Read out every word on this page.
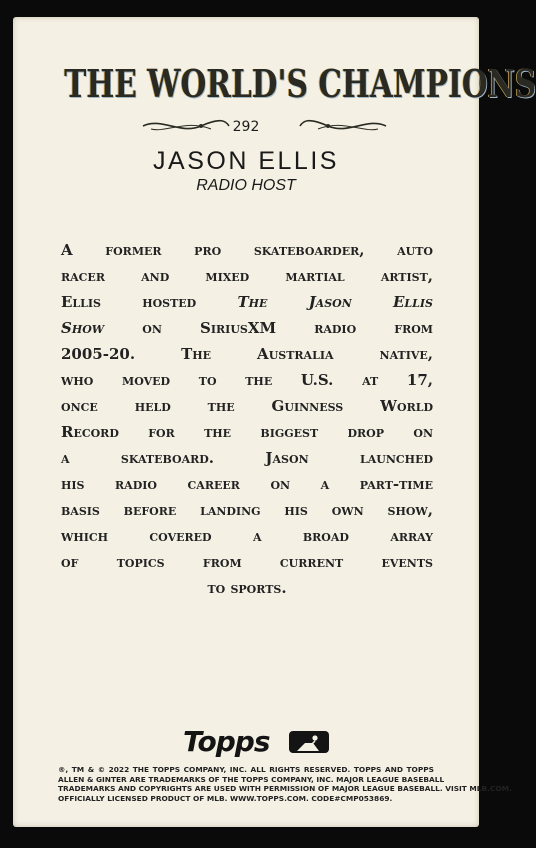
THE WORLD'S CHAMPIONS
292
JASON ELLIS
RADIO HOST
A former pro skateboarder, auto
racer and mixed martial artist,
Ellis hosted The Jason Ellis
Show on SiriusXM radio from
2005-20. The Australia native,
who moved to the U.S. at 17,
once held the Guinness World
Record for the biggest drop on
a skateboard. Jason launched
his radio career on a part-time
basis before landing his own show,
which covered a broad array
of topics from current events
to sports.
Topps
®, TM & © 2022 THE TOPPS COMPANY, INC. ALL RIGHTS RESERVED. TOPPS AND TOPPS
ALLEN & GINTER ARE TRADEMARKS OF THE TOPPS COMPANY, INC. MAJOR LEAGUE BASEBALL
TRADEMARKS AND COPYRIGHTS ARE USED WITH PERMISSION OF MAJOR LEAGUE BASEBALL. VISIT MLB.COM.
OFFICIALLY LICENSED PRODUCT OF MLB. WWW.TOPPS.COM. CODE#CMP053869.
